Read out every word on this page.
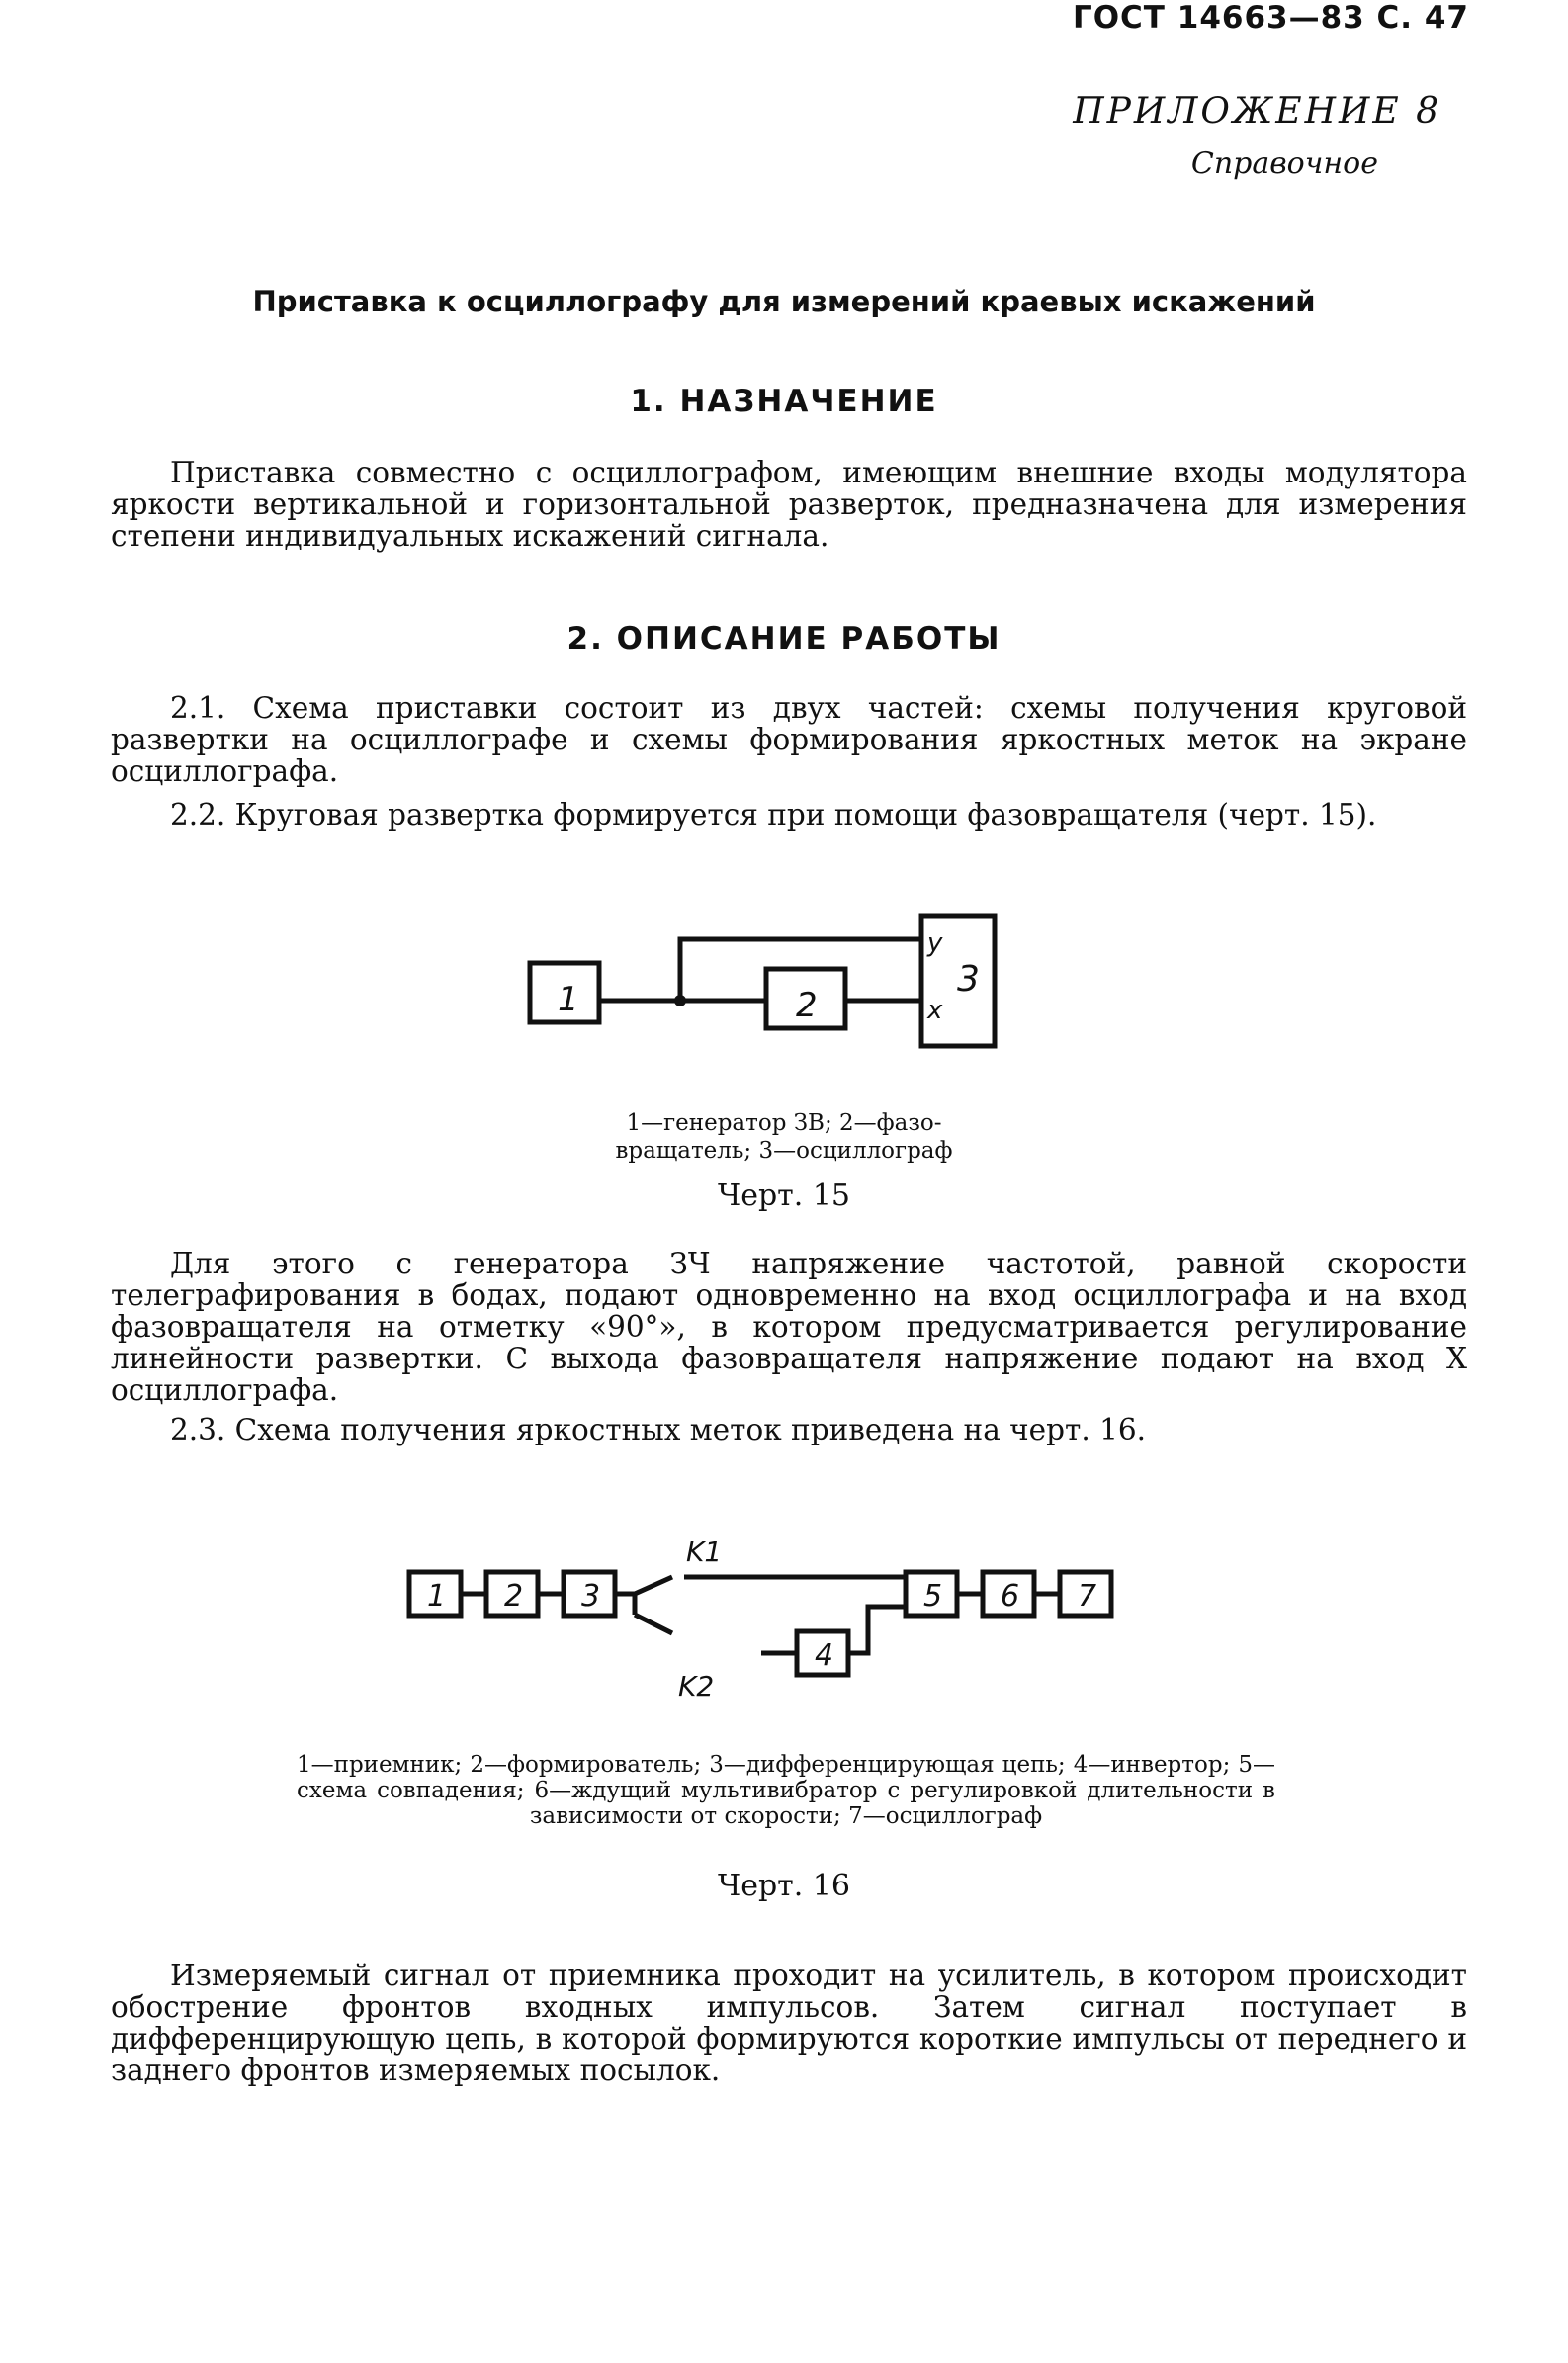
ГОСТ 14663—83 С. 47

ПРИЛОЖЕНИЕ 8

Справочное

Приставка к осциллографу для измерений краевых искажений

1. НАЗНАЧЕНИЕ

Приставка совместно с осциллографом, имеющим внешние входы модулятора яркости вертикальной и горизонтальной разверток, предназначена для измерения степени индивидуальных искажений сигнала.

2. ОПИСАНИЕ РАБОТЫ

2.1. Схема приставки состоит из двух частей: схемы получения круговой развертки на осциллографе и схемы формирования яркостных меток на экране осциллографа.

2.2. Круговая развертка формируется при помощи фазовращателя (черт. 15).

1	2
3
y
x

1—генератор ЗВ; 2—фазо-

вращатель; 3—осциллограф

Черт. 15

Для этого с генератора ЗЧ напряжение частотой, равной скорости телеграфирования в бодах, подают одновременно на вход осциллографа и на вход фазовращателя на отметку «90°», в котором предусматривается регулирование линейности развертки. С выхода фазовращателя напряжение подают на вход X осциллографа.

2.3. Схема получения яркостных меток приведена на черт. 16.

1 2 3
4
5 6 7
K1
K2

1—приемник; 2—формирователь; 3—дифференцирующая цепь; 4—инвертор; 5—схема совпадения; 6—ждущий мультивибратор с регулировкой длительности в зависимости от скорости; 7—осциллограф

Черт. 16

Измеряемый сигнал от приемника проходит на усилитель, в котором происходит обострение фронтов входных импульсов. Затем сигнал поступает в дифференцирующую цепь, в которой формируются короткие импульсы от переднего и заднего фронтов измеряемых посылок.
